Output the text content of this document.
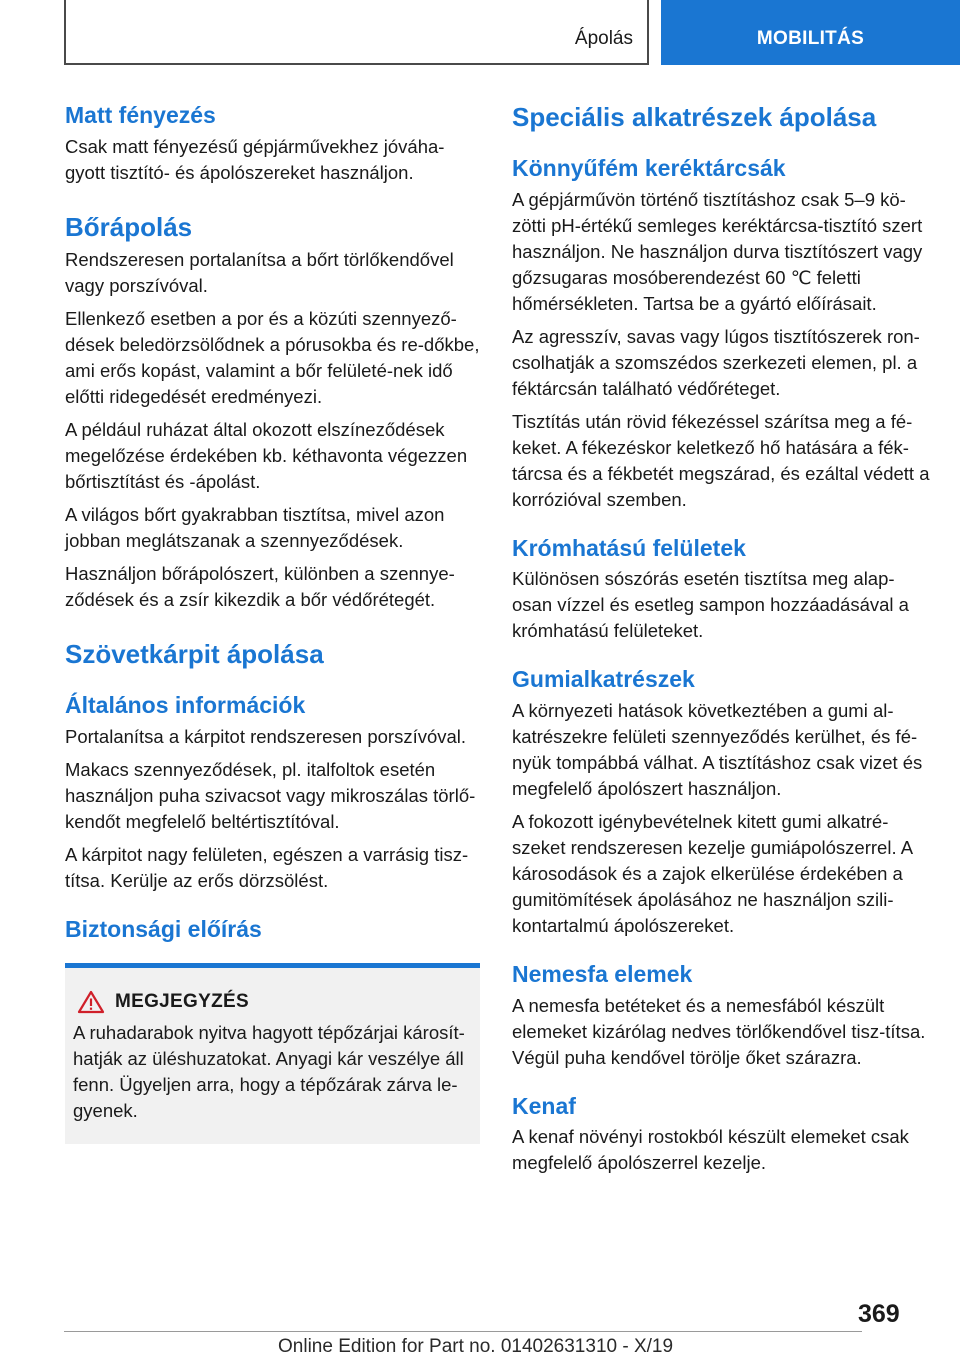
Ápolás	MOBILITÁS
Matt fényezés

Csak matt fényezésű gépjárművekhez jóváha-gyott tisztító- és ápolószereket használjon.

Bőrápolás

Rendszeresen portalanítsa a bőrt törlőkendővel vagy porszívóval.

Ellenkező esetben a por és a közúti szennyező-dések beledörzsölődnek a pórusokba és re-dőkbe, ami erős kopást, valamint a bőr felületé-nek idő előtti ridegedését eredményezi.

A például ruházat által okozott elszíneződések megelőzése érdekében kb. kéthavonta végezzen bőrtisztítást és -ápolást.

A világos bőrt gyakrabban tisztítsa, mivel azon jobban meglátszanak a szennyeződések.

Használjon bőrápolószert, különben a szennye-ződések és a zsír kikezdik a bőr védőrétegét.

Szövetkárpit ápolása
Általános információk

Portalanítsa a kárpitot rendszeresen porszívóval.

Makacs szennyeződések, pl. italfoltok esetén használjon puha szivacsot vagy mikroszálas törlő-kendőt megfelelő beltértisztítóval.

A kárpitot nagy felületen, egészen a varrásig tisz-títsa. Kerülje az erős dörzsölést.

Biztonsági előírás
MEGJEGYZÉS

A ruhadarabok nyitva hagyott tépőzárjai károsít-hatják az üléshuzatokat. Anyagi kár veszélye áll fenn. Ügyeljen arra, hogy a tépőzárak zárva le-gyenek.

Speciális alkatrészek ápolása
Könnyűfém keréktárcsák

A gépjárművön történő tisztításhoz csak 5–9 kö-zötti pH-értékű semleges keréktárcsa-tisztító szert használjon. Ne használjon durva tisztítószert vagy gőzsugaras mosóberendezést 60 ℃ feletti hőmérsékleten. Tartsa be a gyártó előírásait.

Az agresszív, savas vagy lúgos tisztítószerek ron-csolhatják a szomszédos szerkezeti elemen, pl. a féktárcsán található védőréteget.

Tisztítás után rövid fékezéssel szárítsa meg a fé-keket. A fékezéskor keletkező hő hatására a fék-tárcsa és a fékbetét megszárad, és ezáltal védett a korrózióval szemben.

Krómhatású felületek

Különösen sószórás esetén tisztítsa meg alap-osan vízzel és esetleg sampon hozzáadásával a krómhatású felületeket.

Gumialkatrészek

A környezeti hatások következtében a gumi al-katrészekre felületi szennyeződés kerülhet, és fé-nyük tompábbá válhat. A tisztításhoz csak vizet és megfelelő ápolószert használjon.

A fokozott igénybevételnek kitett gumi alkatré-szeket rendszeresen kezelje gumiápolószerrel. A károsodások és a zajok elkerülése érdekében a gumitömítések ápolásához ne használjon szili-kontartalmú ápolószereket.

Nemesfa elemek

A nemesfa betéteket és a nemesfából készült elemeket kizárólag nedves törlőkendővel tisz-títsa. Végül puha kendővel törölje őket szárazra.

Kenaf

A kenaf növényi rostokból készült elemeket csak megfelelő ápolószerrel kezelje.

369
Online Edition for Part no. 01402631310 - X/19
